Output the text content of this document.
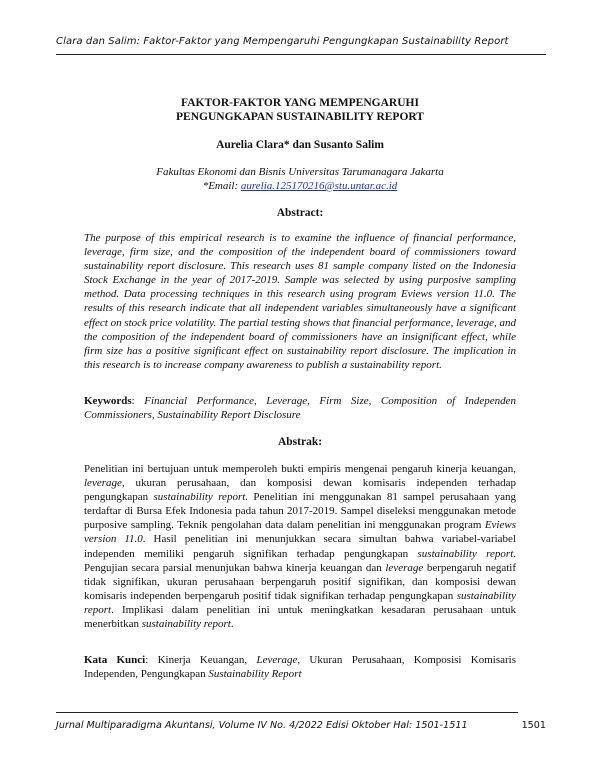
Clara dan Salim: Faktor-Faktor yang Mempengaruhi Pengungkapan Sustainability Report
FAKTOR-FAKTOR YANG MEMPENGARUHI
PENGUNGKAPAN SUSTAINABILITY REPORT
Aurelia Clara* dan Susanto Salim
Fakultas Ekonomi dan Bisnis Universitas Tarumanagara Jakarta
*Email: aurelia.125170216@stu.untar.ac.id
Abstract:
The purpose of this empirical research is to examine the influence of financial performance, leverage, firm size, and the composition of the independent board of commissioners toward sustainability report disclosure. This research uses 81 sample company listed on the Indonesia Stock Exchange in the year of 2017-2019. Sample was selected by using purposive sampling method. Data processing techniques in this research using program Eviews version 11.0. The results of this research indicate that all independent variables simultaneously have a significant effect on stock price volatility. The partial testing shows that financial performance, leverage, and the composition of the independent board of commissioners have an insignificant effect, while firm size has a positive significant effect on sustainability report disclosure. The implication in this research is to increase company awareness to publish a sustainability report.
Keywords: Financial Performance, Leverage, Firm Size, Composition of Independen Commissioners, Sustainability Report Disclosure
Abstrak:
Penelitian ini bertujuan untuk memperoleh bukti empiris mengenai pengaruh kinerja keuangan, leverage, ukuran perusahaan, dan komposisi dewan komisaris independen terhadap pengungkapan sustainability report. Penelitian ini menggunakan 81 sampel perusahaan yang terdaftar di Bursa Efek Indonesia pada tahun 2017-2019. Sampel diseleksi menggunakan metode purposive sampling. Teknik pengolahan data dalam penelitian ini menggunakan program Eviews version 11.0. Hasil penelitian ini menunjukkan secara simultan bahwa variabel-variabel independen memiliki pengaruh signifikan terhadap pengungkapan sustainability report. Pengujian secara parsial menunjukan bahwa kinerja keuangan dan leverage berpengaruh negatif tidak signifikan, ukuran perusahaan berpengaruh positif signifikan, dan komposisi dewan komisaris independen berpengaruh positif tidak signifikan terhadap pengungkapan sustainability report. Implikasi dalam penelitian ini untuk meningkatkan kesadaran perusahaan untuk menerbitkan sustainability report.
Kata Kunci: Kinerja Keuangan, Leverage, Ukuran Perusahaan, Komposisi Komisaris Independen, Pengungkapan Sustainability Report
Jurnal Multiparadigma Akuntansi, Volume IV No. 4/2022 Edisi Oktober Hal: 1501-1511	1501
